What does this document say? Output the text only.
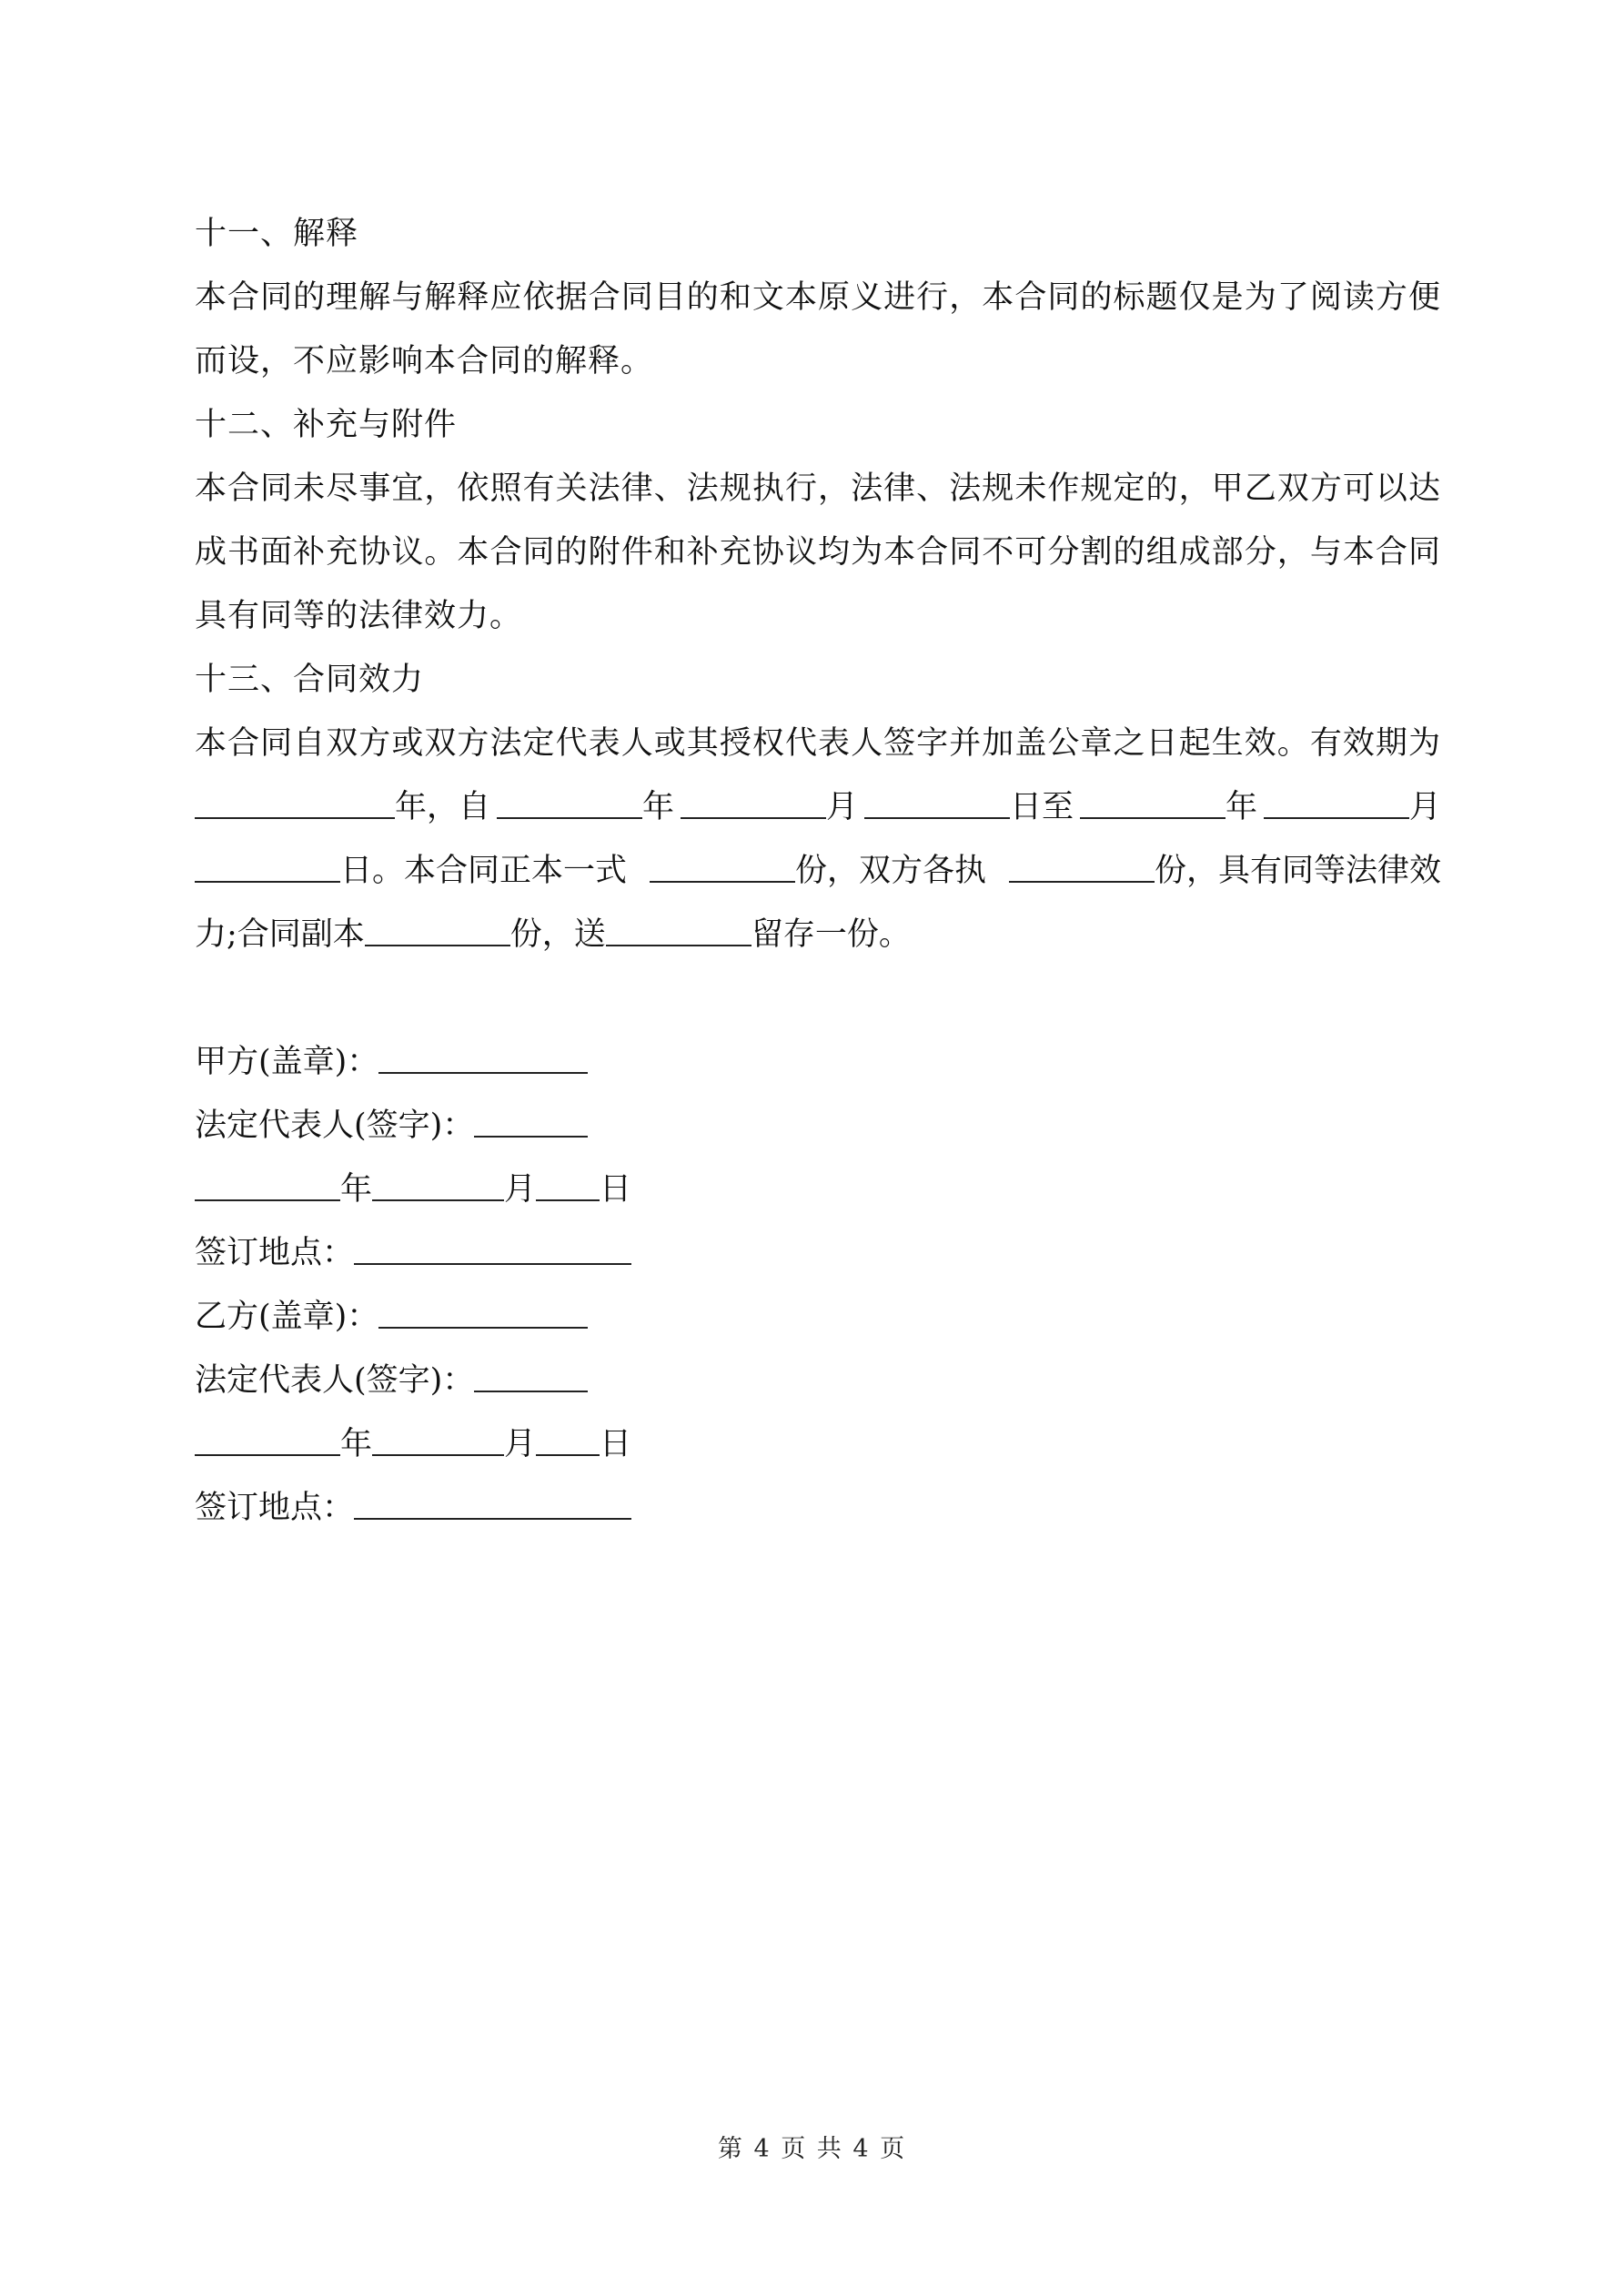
十一、解释
本合同的理解与解释应依据合同目的和文本原义进行，本合同的标题仅是为了阅读方便
而设，不应影响本合同的解释。
十二、补充与附件
本合同未尽事宜，依照有关法律、法规执行，法律、法规未作规定的，甲乙双方可以达
成书面补充协议。本合同的附件和补充协议均为本合同不可分割的组成部分，与本合同
具有同等的法律效力。
十三、合同效力
本合同自双方或双方法定代表人或其授权代表人签字并加盖公章之日起生效。有效期为
年，自	年	月	日至	年	月
日。本合同正本一式	份，双方各执	份，具有同等法律效
力;合同副本	份，送	留存一份。
甲方(盖章)：
法定代表人(签字)：
年	月 日
签订地点：
乙方(盖章)：
法定代表人(签字)：
年	月 日
签订地点：
第 4 页 共 4 页
